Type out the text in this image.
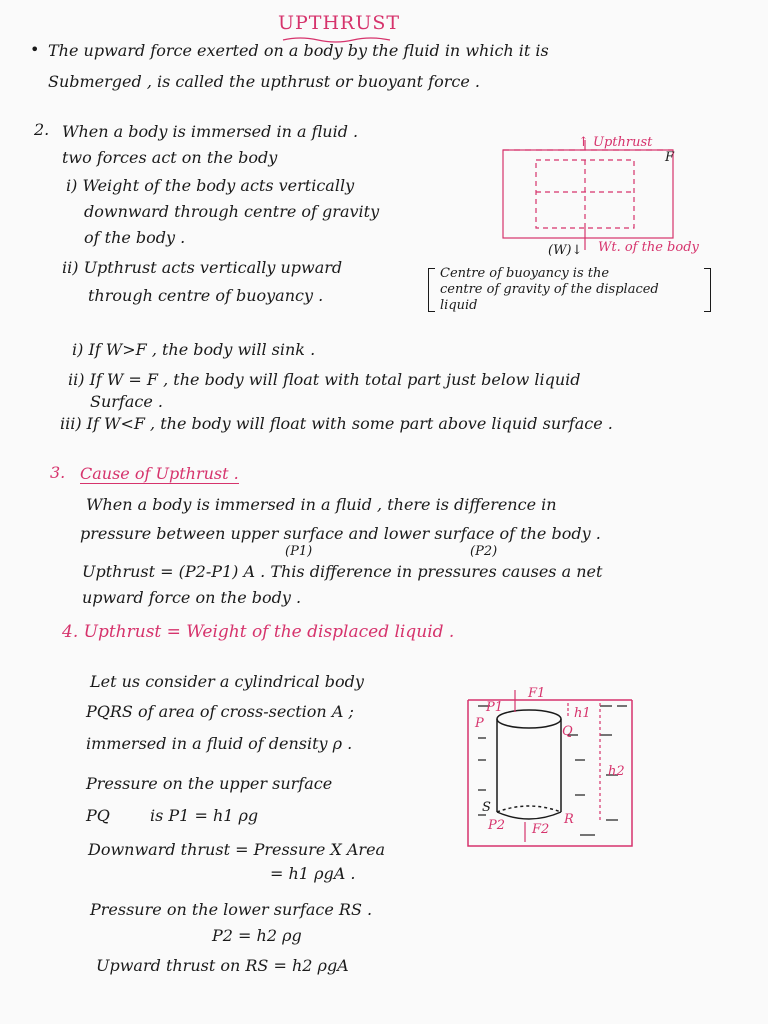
UPTHRUST
• The upward force exerted on a body by the fluid in which it is
Submerged , is called the upthrust or buoyant force .
2. When a body is immersed in a fluid .
two forces act on the body
i) Weight of the body acts vertically
downward through centre of gravity
of the body .
ii) Upthrust acts vertically upward
through centre of buoyancy .
↑ Upthrust
F
(W)↓ Wt. of the body
Centre of buoyancy is the
centre of gravity of the displaced
liquid
i) If W>F , the body will sink .
ii) If W = F , the body will float with total part just below liquid
Surface .
iii) If W<F , the body will float with some part above liquid surface .
3. Cause of Upthrust .
When a body is immersed in a fluid , there is difference in
pressure between upper surface and lower surface of the body .
(P1)	(P2)
Upthrust = (P2-P1) A . This difference in pressures causes a net
upward force on the body .
4. Upthrust = Weight of the displaced liquid .
Let us consider a cylindrical body
PQRS of area of cross-section A ;
immersed in a fluid of density ρ .
Pressure on the upper surface
PQ	is P1 = h1 ρg
Downward thrust = Pressure X Area
= h1 ρgA .
Pressure on the lower surface RS .
P2 = h2 ρg
Upward thrust on RS = h2 ρgA
P1
P
F1
Q
h1
h2
S
P2 F2
R
